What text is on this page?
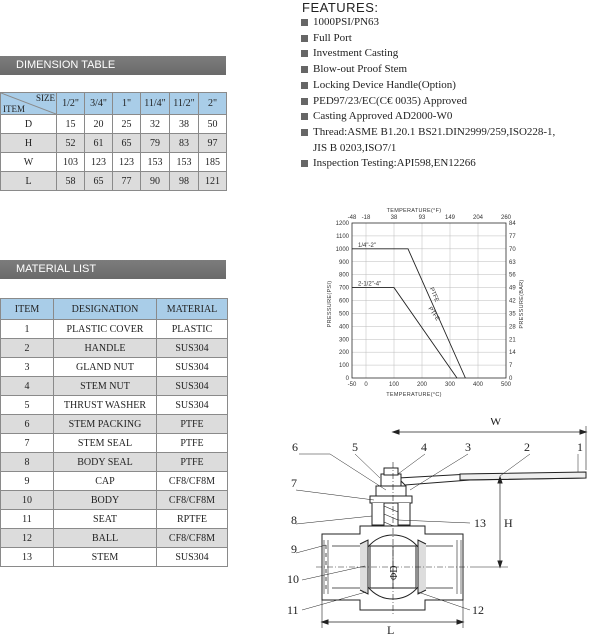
FEATURES:
1000PSI/PN63
Full Port
Investment Casting
Blow-out Proof Stem
Locking Device Handle(Option)
PED97/23/EC(C€ 0035) Approved
Casting Approved AD2000-W0
Thread:ASME B1.20.1 BS21.DIN2999/259,ISO228-1,
JIS B 0203,ISO7/1
Inspection Testing:API598,EN12266
DIMENSION TABLE
SIZE
ITEM	1/2"	3/4"	1"	11/4"	11/2"	2"
D	15	20	25	32	38	50
H	52	61	65	79	83	97
W	103	123	123	153	153	185
L	58	65	77	90	98	121
MATERIAL LIST
ITEM	DESIGNATION	MATERIAL
1	PLASTIC COVER	PLASTIC
2	HANDLE	SUS304
3	GLAND NUT	SUS304
4	STEM NUT	SUS304
5	THRUST WASHER	SUS304
6	STEM PACKING	PTFE
7	STEM SEAL	PTFE
8	BODY SEAL	PTFE
9	CAP	CF8/CF8M
10	BODY	CF8/CF8M
11	SEAT	RPTFE
12	BALL	CF8/CF8M
13	STEM	SUS304
1/4"-2"
PTFE
2-1/2"-4"
PTFE
0	0
100	7
200	14
300	21
400	28
500	35
600	42
700	49
800	56
900	63
1000	70
1100	77
1200	84
-50
-48
0
-18
100
38
200
93
300
149
400
204
500
260
TEMPERATURE(°C)
TEMPERATURE(°F)
PRESSURE(PSI)	PRESSURE(BAR)
1
2
3
4
5
6
7
8
9
10
11	12
13
W
H
L
ΦD
